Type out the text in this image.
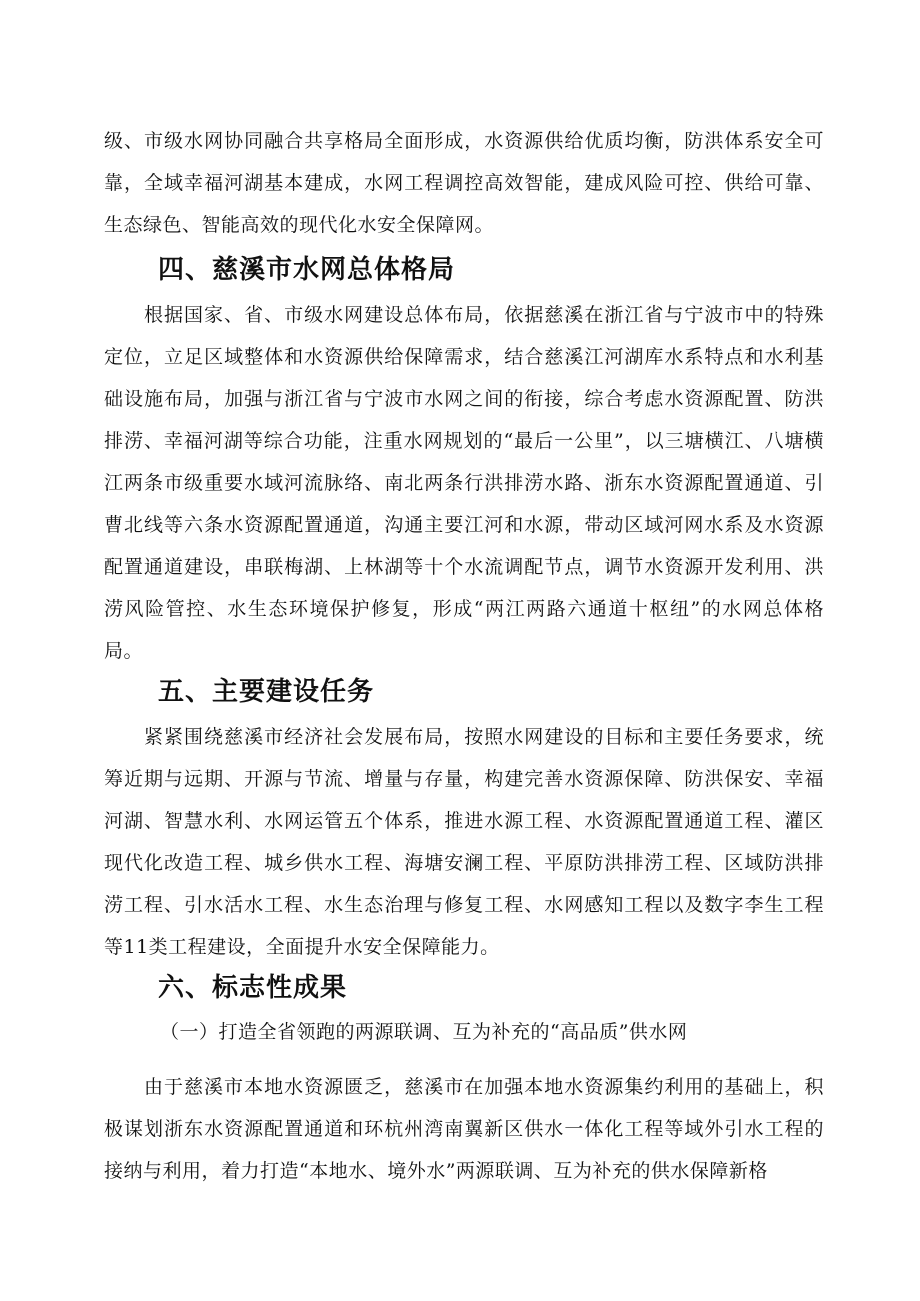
级、市级水网协同融合共享格局全面形成，水资源供给优质均衡，防洪体系安全可靠，全域幸福河湖基本建成，水网工程调控高效智能，建成风险可控、供给可靠、生态绿色、智能高效的现代化水安全保障网。

四、慈溪市水网总体格局

根据国家、省、市级水网建设总体布局，依据慈溪在浙江省与宁波市中的特殊定位，立足区域整体和水资源供给保障需求，结合慈溪江河湖库水系特点和水利基础设施布局，加强与浙江省与宁波市水网之间的衔接，综合考虑水资源配置、防洪排涝、幸福河湖等综合功能，注重水网规划的“最后一公里”，以三塘横江、八塘横江两条市级重要水域河流脉络、南北两条行洪排涝水路、浙东水资源配置通道、引曹北线等六条水资源配置通道，沟通主要江河和水源，带动区域河网水系及水资源配置通道建设，串联梅湖、上林湖等十个水流调配节点，调节水资源开发利用、洪涝风险管控、水生态环境保护修复，形成“两江两路六通道十枢纽”的水网总体格局。

五、主要建设任务

紧紧围绕慈溪市经济社会发展布局，按照水网建设的目标和主要任务要求，统筹近期与远期、开源与节流、增量与存量，构建完善水资源保障、防洪保安、幸福河湖、智慧水利、水网运管五个体系，推进水源工程、水资源配置通道工程、灌区现代化改造工程、城乡供水工程、海塘安澜工程、平原防洪排涝工程、区域防洪排涝工程、引水活水工程、水生态治理与修复工程、水网感知工程以及数字李生工程等11类工程建设，全面提升水安全保障能力。

六、标志性成果

（一）打造全省领跑的两源联调、互为补充的“高品质”供水网

由于慈溪市本地水资源匮乏，慈溪市在加强本地水资源集约利用的基础上，积极谋划浙东水资源配置通道和环杭州湾南翼新区供水一体化工程等域外引水工程的接纳与利用，着力打造“本地水、境外水”两源联调、互为补充的供水保障新格
